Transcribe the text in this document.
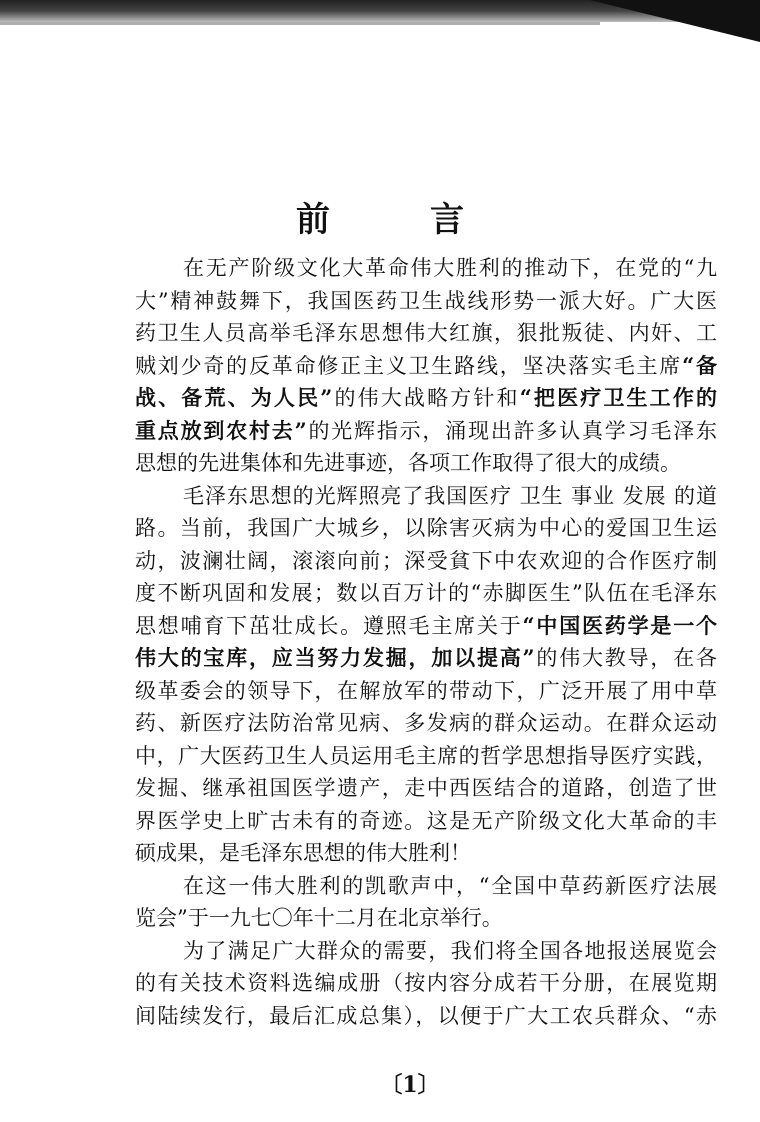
前	言
在无产阶级文化大革命伟大胜利的推动下，在党的“九
大”精神鼓舞下，我国医药卫生战线形势一派大好。广大医
药卫生人员高举毛泽东思想伟大红旗，狠批叛徒、内奸、工
贼刘少奇的反革命修正主义卫生路线，坚决落实毛主席“备
战、备荒、为人民”的伟大战略方针和“把医疗卫生工作的
重点放到农村去”的光辉指示，涌现出許多认真学习毛泽东
思想的先进集体和先进事迹，各项工作取得了很大的成绩。
毛泽东思想的光辉照亮了我国医疗 卫生 事业 发展 的道
路。当前，我国广大城乡，以除害灭病为中心的爱国卫生运
动，波澜壮阔，滚滚向前；深受貧下中农欢迎的合作医疗制
度不断巩固和发展；数以百万计的“赤脚医生”队伍在毛泽东
思想哺育下茁壮成长。遵照毛主席关于“中国医药学是一个
伟大的宝库，应当努力发掘，加以提高”的伟大教导，在各
级革委会的领导下，在解放军的带动下，广泛开展了用中草
药、新医疗法防治常见病、多发病的群众运动。在群众运动
中，广大医药卫生人员运用毛主席的哲学思想指导医疗实践，
发掘、继承祖国医学遗产，走中西医结合的道路，创造了世
界医学史上旷古未有的奇迹。这是无产阶级文化大革命的丰
硕成果，是毛泽东思想的伟大胜利！
在这一伟大胜利的凯歌声中，“全国中草药新医疗法展
览会”于一九七〇年十二月在北京举行。
为了满足广大群众的需要，我们将全国各地报送展览会
的有关技术资料选编成册（按内容分成若干分册，在展览期
间陆续发行，最后汇成总集），以便于广大工农兵群众、“赤
〔1〕
